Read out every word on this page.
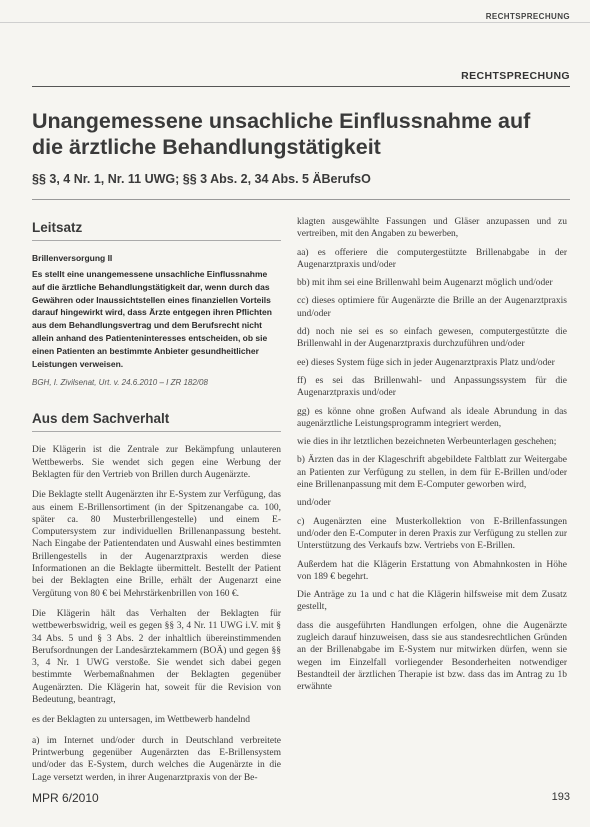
RECHTSPRECHUNG
RECHTSPRECHUNG
Unangemessene unsachliche Einflussnahme auf die ärztliche Behandlungstätigkeit
§§ 3, 4 Nr. 1, Nr. 11 UWG; §§ 3 Abs. 2, 34 Abs. 5 ÄBerufsO
Leitsatz

Brillenversorgung II

Es stellt eine unangemessene unsachliche Einflussnahme auf die ärztliche Behandlungstätigkeit dar, wenn durch das Gewähren oder Inaussichtstellen eines finanziellen Vorteils darauf hingewirkt wird, dass Ärzte entgegen ihren Pflichten aus dem Behandlungsvertrag und dem Berufsrecht nicht allein anhand des Patienteninteresses entscheiden, ob sie einen Patienten an bestimmte Anbieter gesundheitlicher Leistungen verweisen.

BGH, I. Zivilsenat, Urt. v. 24.6.2010 – I ZR 182/08

Aus dem Sachverhalt

Die Klägerin ist die Zentrale zur Bekämpfung unlauteren Wettbewerbs. Sie wendet sich gegen eine Werbung der Beklagten für den Vertrieb von Brillen durch Augenärzte.

Die Beklagte stellt Augenärzten ihr E-System zur Verfügung, das aus einem E-Brillensortiment (in der Spitzenangabe ca. 100, später ca. 80 Musterbrillengestelle) und einem E-Computersystem zur individuellen Brillenanpassung besteht. Nach Eingabe der Patientendaten und Auswahl eines bestimmten Brillengestells in der Augenarztpraxis werden diese Informationen an die Beklagte übermittelt. Bestellt der Patient bei der Beklagten eine Brille, erhält der Augenarzt eine Vergütung von 80 € bei Mehrstärkenbrillen von 160 €.

Die Klägerin hält das Verhalten der Beklagten für wettbewerbswidrig, weil es gegen §§ 3, 4 Nr. 11 UWG i.V. mit § 34 Abs. 5 und § 3 Abs. 2 der inhaltlich übereinstimmenden Berufsordnungen der Landesärztekammern (BOÄ) und gegen §§ 3, 4 Nr. 1 UWG verstoße. Sie wendet sich dabei gegen bestimmte Werbemaßnahmen der Beklagten gegenüber Augenärzten. Die Klägerin hat, soweit für die Revision von Bedeutung, beantragt,

es der Beklagten zu untersagen, im Wettbewerb handelnd

a) im Internet und/oder durch in Deutschland verbreitete Printwerbung gegenüber Augenärzten das E-Brillensystem und/oder das E-System, durch welches die Augenärzte in die Lage versetzt werden, in ihrer Augenarztpraxis von der Be-

klagten ausgewählte Fassungen und Gläser anzupassen und zu vertreiben, mit den Angaben zu bewerben,

aa) es offeriere die computergestützte Brillenabgabe in der Augenarztpraxis und/oder

bb) mit ihm sei eine Brillenwahl beim Augenarzt möglich und/oder

cc) dieses optimiere für Augenärzte die Brille an der Augenarztpraxis und/oder

dd) noch nie sei es so einfach gewesen, computergestützte die Brillenwahl in der Augenarztpraxis durchzuführen und/oder

ee) dieses System füge sich in jeder Augenarztpraxis Platz und/oder

ff) es sei das Brillenwahl- und Anpassungssystem für die Augenarztpraxis und/oder

gg) es könne ohne großen Aufwand als ideale Abrundung in das augenärztliche Leistungsprogramm integriert werden,

wie dies in ihr letztlichen bezeichneten Werbeunterlagen geschehen;

b) Ärzten das in der Klageschrift abgebildete Faltblatt zur Weitergabe an Patienten zur Verfügung zu stellen, in dem für E-Brillen und/oder eine Brillenanpassung mit dem E-Computer geworben wird,

und/oder

c) Augenärzten eine Musterkollektion von E-Brillenfassungen und/oder den E-Computer in deren Praxis zur Verfügung zu stellen zur Unterstützung des Verkaufs bzw. Vertriebs von E-Brillen.

Außerdem hat die Klägerin Erstattung von Abmahnkosten in Höhe von 189 € begehrt.

Die Anträge zu 1a und c hat die Klägerin hilfsweise mit dem Zusatz gestellt,

dass die ausgeführten Handlungen erfolgen, ohne die Augenärzte zugleich darauf hinzuweisen, dass sie aus standesrechtlichen Gründen an der Brillenabgabe im E-System nur mitwirken dürfen, wenn sie wegen im Einzelfall vorliegender Besonderheiten notwendiger Bestandteil der ärztlichen Therapie ist bzw. dass das im Antrag zu 1b erwähnte

MPR 6/2010	193
